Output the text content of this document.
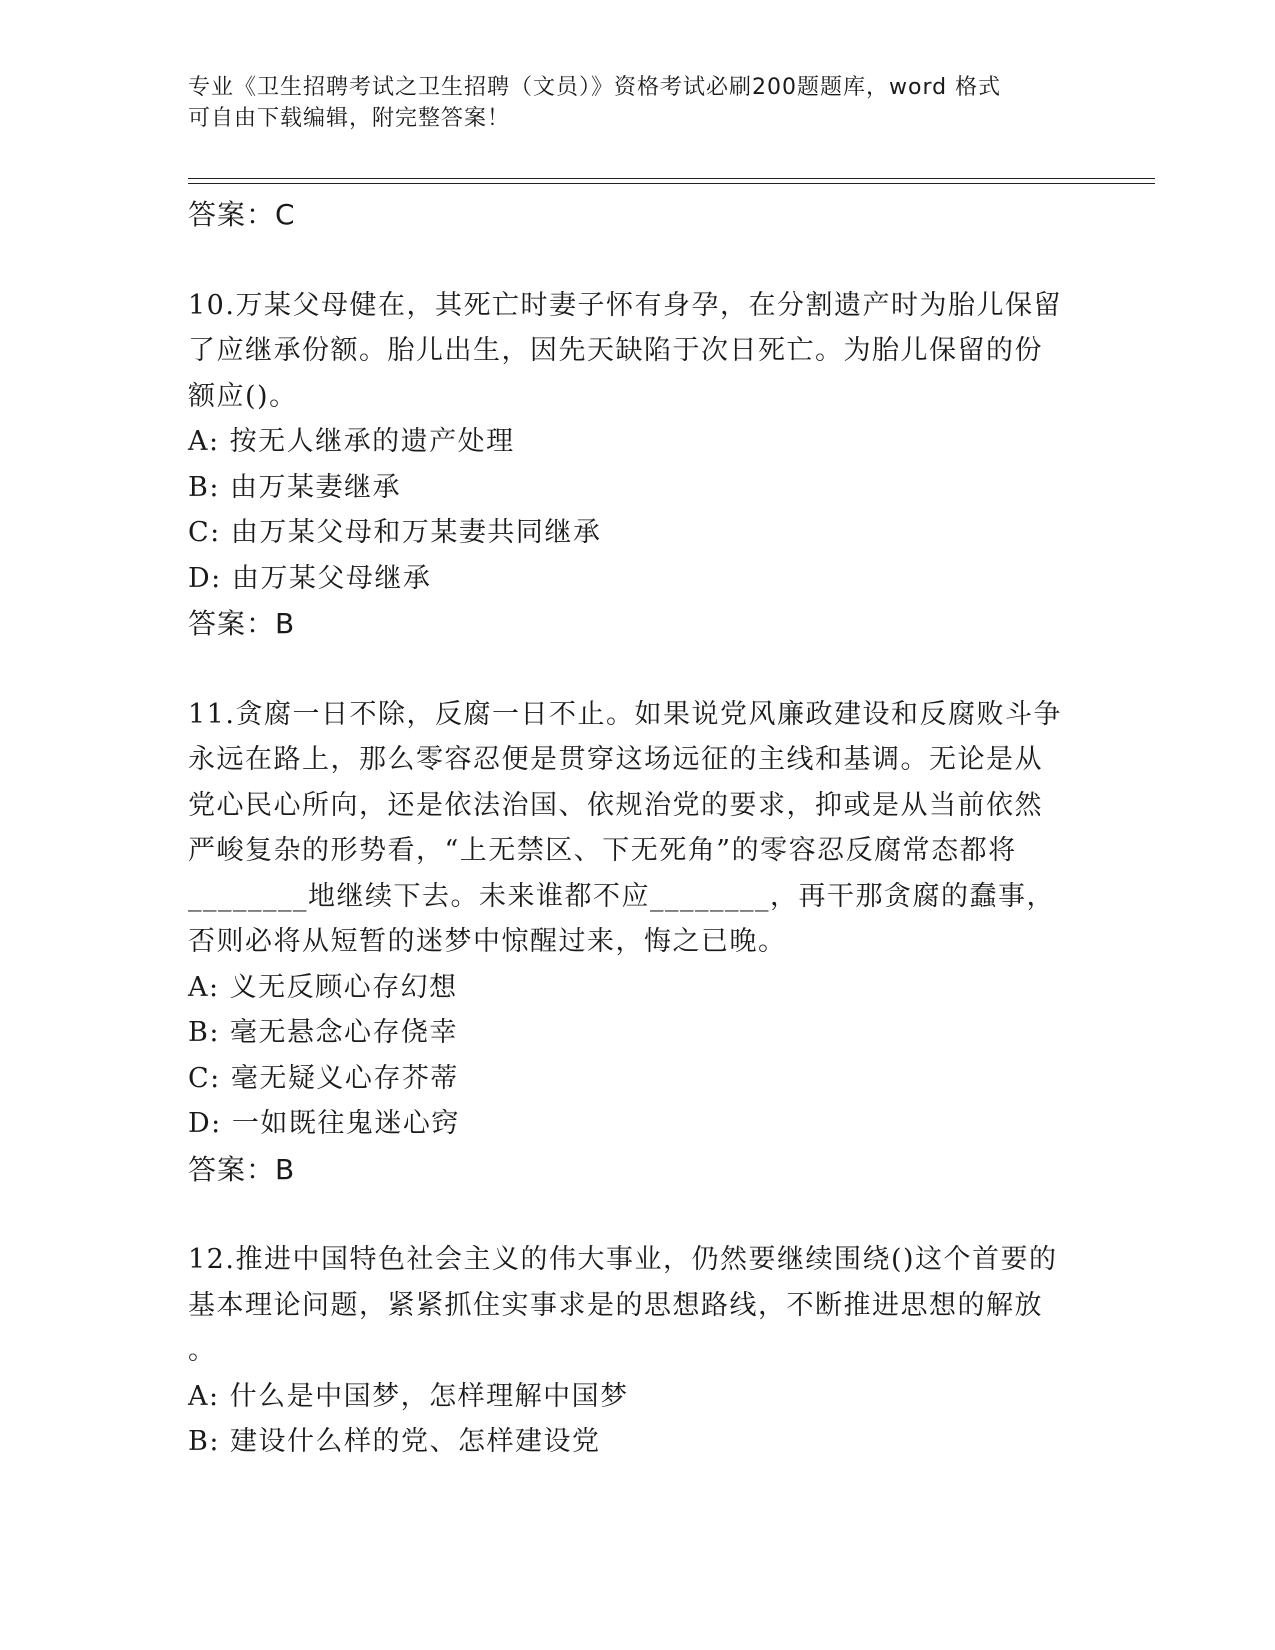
专业《卫生招聘考试之卫生招聘（文员）》资格考试必刷200题题库，word 格式
可自由下载编辑，附完整答案！
答案：C
10.万某父母健在，其死亡时妻子怀有身孕，在分割遗产时为胎儿保留
了应继承份额。胎儿出生，因先天缺陷于次日死亡。为胎儿保留的份
额应()。
A: 按无人继承的遗产处理
B: 由万某妻继承
C: 由万某父母和万某妻共同继承
D: 由万某父母继承
答案：B
11.贪腐一日不除，反腐一日不止。如果说党风廉政建设和反腐败斗争
永远在路上，那么零容忍便是贯穿这场远征的主线和基调。无论是从
党心民心所向，还是依法治国、依规治党的要求，抑或是从当前依然
严峻复杂的形势看，“上无禁区、下无死角”的零容忍反腐常态都将
________地继续下去。未来谁都不应________，再干那贪腐的蠢事，
否则必将从短暂的迷梦中惊醒过来，悔之已晚。
A: 义无反顾心存幻想
B: 毫无悬念心存侥幸
C: 毫无疑义心存芥蒂
D: 一如既往鬼迷心窍
答案：B
12.推进中国特色社会主义的伟大事业，仍然要继续围绕()这个首要的
基本理论问题，紧紧抓住实事求是的思想路线，不断推进思想的解放
。
A: 什么是中国梦，怎样理解中国梦
B: 建设什么样的党、怎样建设党
